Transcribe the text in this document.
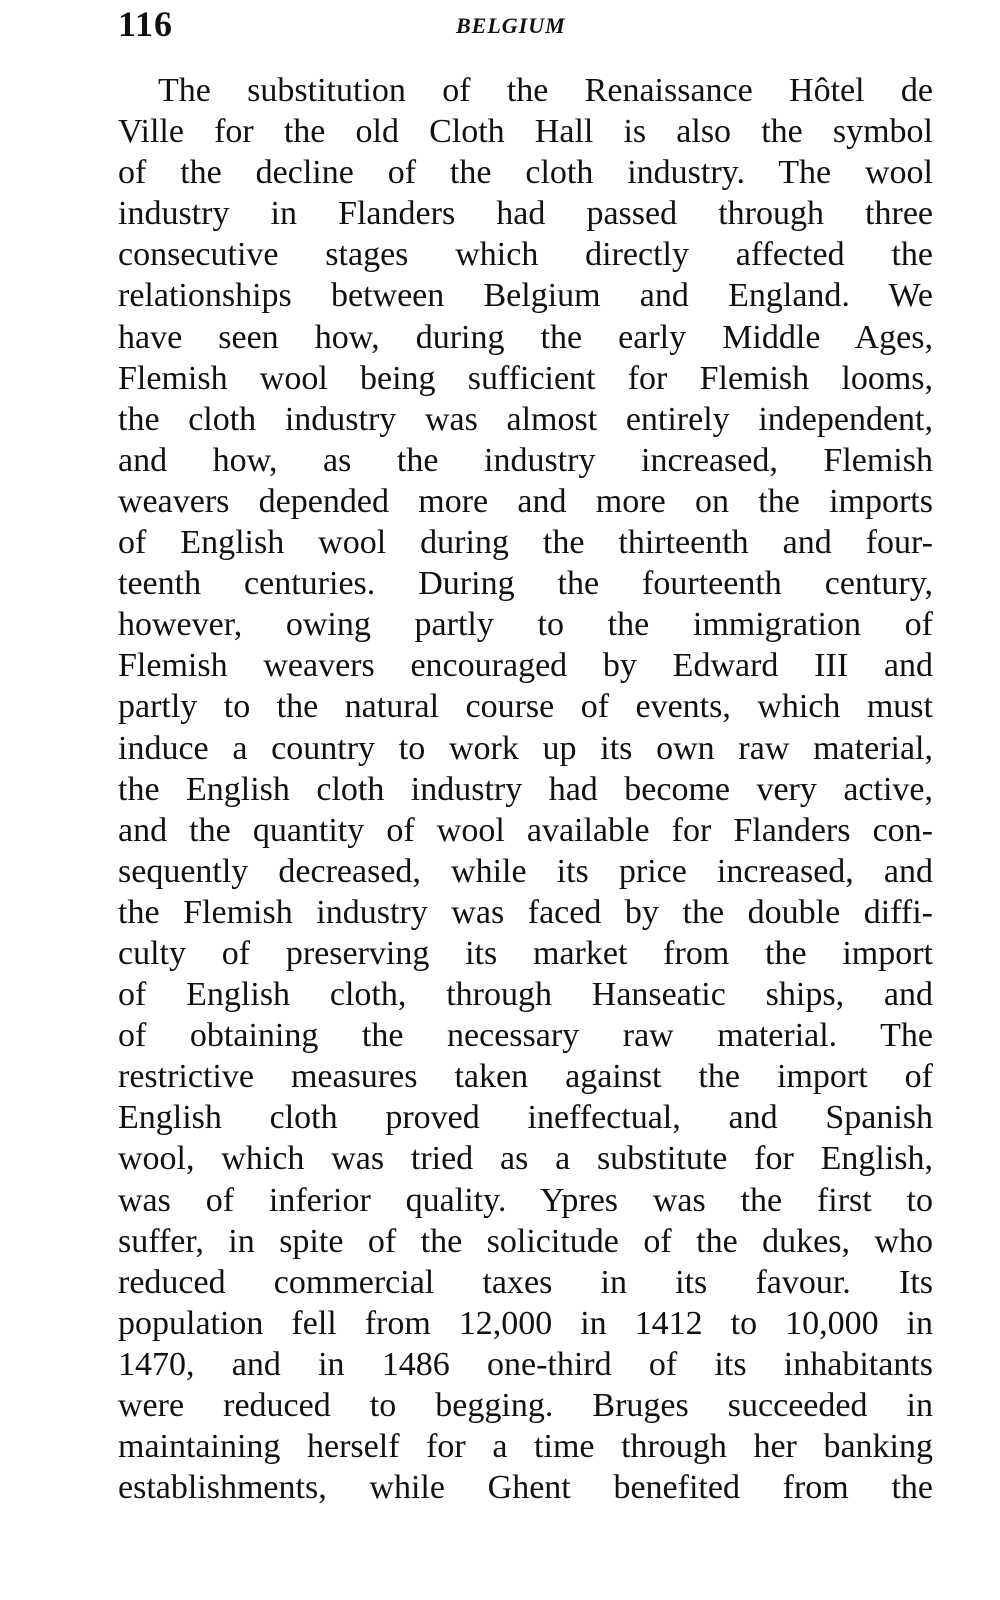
116	BELGIUM
The substitution of the Renaissance Hôtel de
Ville for the old Cloth Hall is also the symbol
of the decline of the cloth industry. The wool
industry in Flanders had passed through three
consecutive stages which directly affected the
relationships between Belgium and England. We
have seen how, during the early Middle Ages,
Flemish wool being sufficient for Flemish looms,
the cloth industry was almost entirely independent,
and how, as the industry increased, Flemish
weavers depended more and more on the imports
of English wool during the thirteenth and four-
teenth centuries. During the fourteenth century,
however, owing partly to the immigration of
Flemish weavers encouraged by Edward III and
partly to the natural course of events, which must
induce a country to work up its own raw material,
the English cloth industry had become very active,
and the quantity of wool available for Flanders con-
sequently decreased, while its price increased, and
the Flemish industry was faced by the double diffi-
culty of preserving its market from the import
of English cloth, through Hanseatic ships, and
of obtaining the necessary raw material. The
restrictive measures taken against the import of
English cloth proved ineffectual, and Spanish
wool, which was tried as a substitute for English,
was of inferior quality. Ypres was the first to
suffer, in spite of the solicitude of the dukes, who
reduced commercial taxes in its favour. Its
population fell from 12,000 in 1412 to 10,000 in
1470, and in 1486 one-third of its inhabitants
were reduced to begging. Bruges succeeded in
maintaining herself for a time through her banking
establishments, while Ghent benefited from the
